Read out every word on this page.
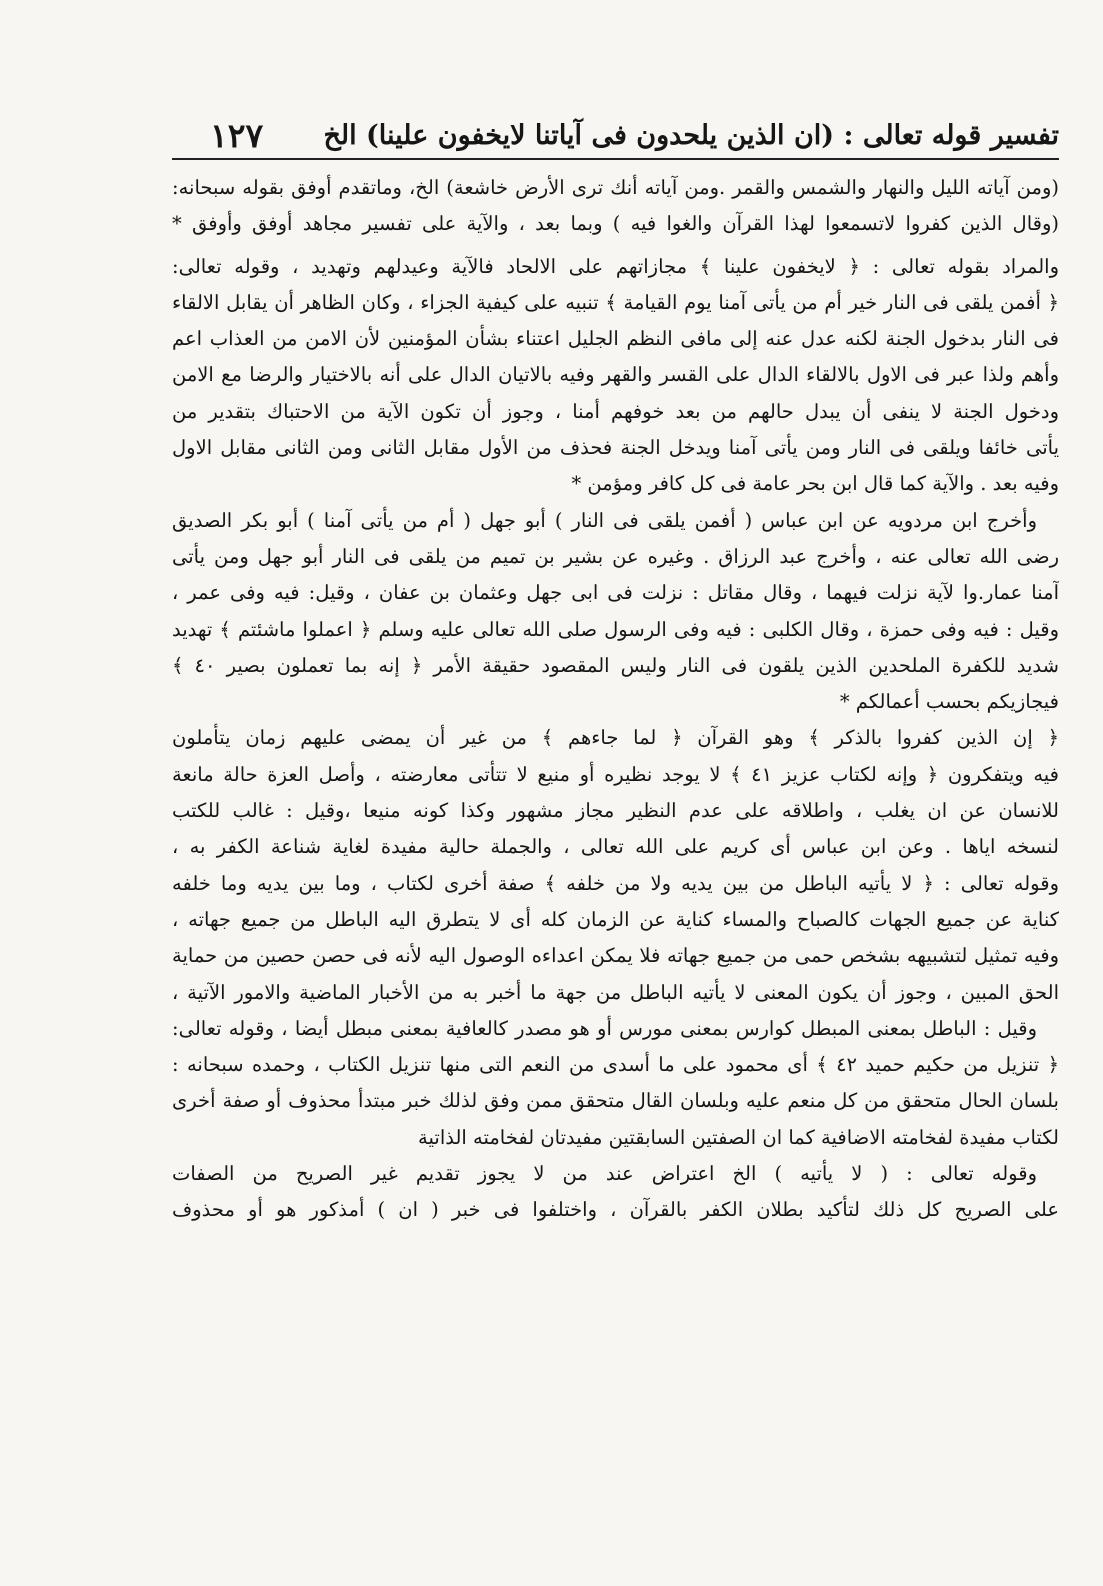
تفسير قوله تعالى : (ان الذين يلحدون فى آياتنا لايخفون علينا) الخ
١٢٧
(ومن آياته الليل والنهار والشمس والقمر .ومن آياته أنك ترى الأرض خاشعة) الخ، وماتقدم أوفق بقوله سبحانه:
(وقال الذين كفروا لاتسمعوا لهذا القرآن والغوا فيه ) وبما بعد ، والآية على تفسير مجاهد أوفق وأوفق *
والمراد بقوله تعالى : ﴿ لايخفون علينا ﴾ مجازاتهم على الالحاد فالآية وعيدلهم وتهديد ، وقوله تعالى:
﴿ أفمن يلقى فى النار خير أم من يأتى آمنا يوم القيامة ﴾ تنبيه على كيفية الجزاء ، وكان الظاهر أن يقابل الالقاء
فى النار بدخول الجنة لكنه عدل عنه إلى مافى النظم الجليل اعتناء بشأن المؤمنين لأن الامن من العذاب اعم
وأهم ولذا عبر فى الاول بالالقاء الدال على القسر والقهر وفيه بالاتيان الدال على أنه بالاختيار والرضا مع الامن
ودخول الجنة لا ينفى أن يبدل حالهم من بعد خوفهم أمنا ، وجوز أن تكون الآية من الاحتباك بتقدير من
يأتى خائفا ويلقى فى النار ومن يأتى آمنا ويدخل الجنة فحذف من الأول مقابل الثانى ومن الثانى مقابل الاول
وفيه بعد . والآية كما قال ابن بحر عامة فى كل كافر ومؤمن *
وأخرج ابن مردويه عن ابن عباس ( أفمن يلقى فى النار ) أبو جهل ( أم من يأتى آمنا ) أبو بكر الصديق
رضى الله تعالى عنه ، وأخرج عبد الرزاق . وغيره عن بشير بن تميم من يلقى فى النار أبو جهل ومن يأتى
آمنا عمار.وا لآية نزلت فيهما ، وقال مقاتل : نزلت فى ابى جهل وعثمان بن عفان ، وقيل: فيه وفى عمر ،
وقيل : فيه وفى حمزة ، وقال الكلبى : فيه وفى الرسول صلى الله تعالى عليه وسلم ﴿ اعملوا ماشئتم ﴾ تهديد
شديد للكفرة الملحدين الذين يلقون فى النار وليس المقصود حقيقة الأمر ﴿ إنه بما تعملون بصير ٤٠ ﴾
فيجازيكم بحسب أعمالكم *
﴿ إن الذين كفروا بالذكر ﴾ وهو القرآن ﴿ لما جاءهم ﴾ من غير أن يمضى عليهم زمان يتأملون
فيه ويتفكرون ﴿ وإنه لكتاب عزيز ٤١ ﴾ لا يوجد نظيره أو منيع لا تتأتى معارضته ، وأصل العزة حالة مانعة
للانسان عن ان يغلب ، واطلاقه على عدم النظير مجاز مشهور وكذا كونه منيعا ،وقيل : غالب للكتب
لنسخه اياها . وعن ابن عباس أى كريم على الله تعالى ، والجملة حالية مفيدة لغاية شناعة الكفر به ،
وقوله تعالى : ﴿ لا يأتيه الباطل من بين يديه ولا من خلفه ﴾ صفة أخرى لكتاب ، وما بين يديه وما خلفه
كناية عن جميع الجهات كالصباح والمساء كناية عن الزمان كله أى لا يتطرق اليه الباطل من جميع جهاته ،
وفيه تمثيل لتشبيهه بشخص حمى من جميع جهاته فلا يمكن اعداءه الوصول اليه لأنه فى حصن حصين من حماية
الحق المبين ، وجوز أن يكون المعنى لا يأتيه الباطل من جهة ما أخبر به من الأخبار الماضية والامور الآتية ،
وقيل : الباطل بمعنى المبطل كوارس بمعنى مورس أو هو مصدر كالعافية بمعنى مبطل أيضا ، وقوله تعالى:
﴿ تنزيل من حكيم حميد ٤٢ ﴾ أى محمود على ما أسدى من النعم التى منها تنزيل الكتاب ، وحمده سبحانه :
بلسان الحال متحقق من كل منعم عليه وبلسان القال متحقق ممن وفق لذلك خبر مبتدأ محذوف أو صفة أخرى
لكتاب مفيدة لفخامته الاضافية كما ان الصفتين السابقتين مفيدتان لفخامته الذاتية
وقوله تعالى : ( لا يأتيه ) الخ اعتراض عند من لا يجوز تقديم غير الصريح من الصفات
على الصريح كل ذلك لتأكيد بطلان الكفر بالقرآن ، واختلفوا فى خبر ( ان ) أمذكور هو أو محذوف
